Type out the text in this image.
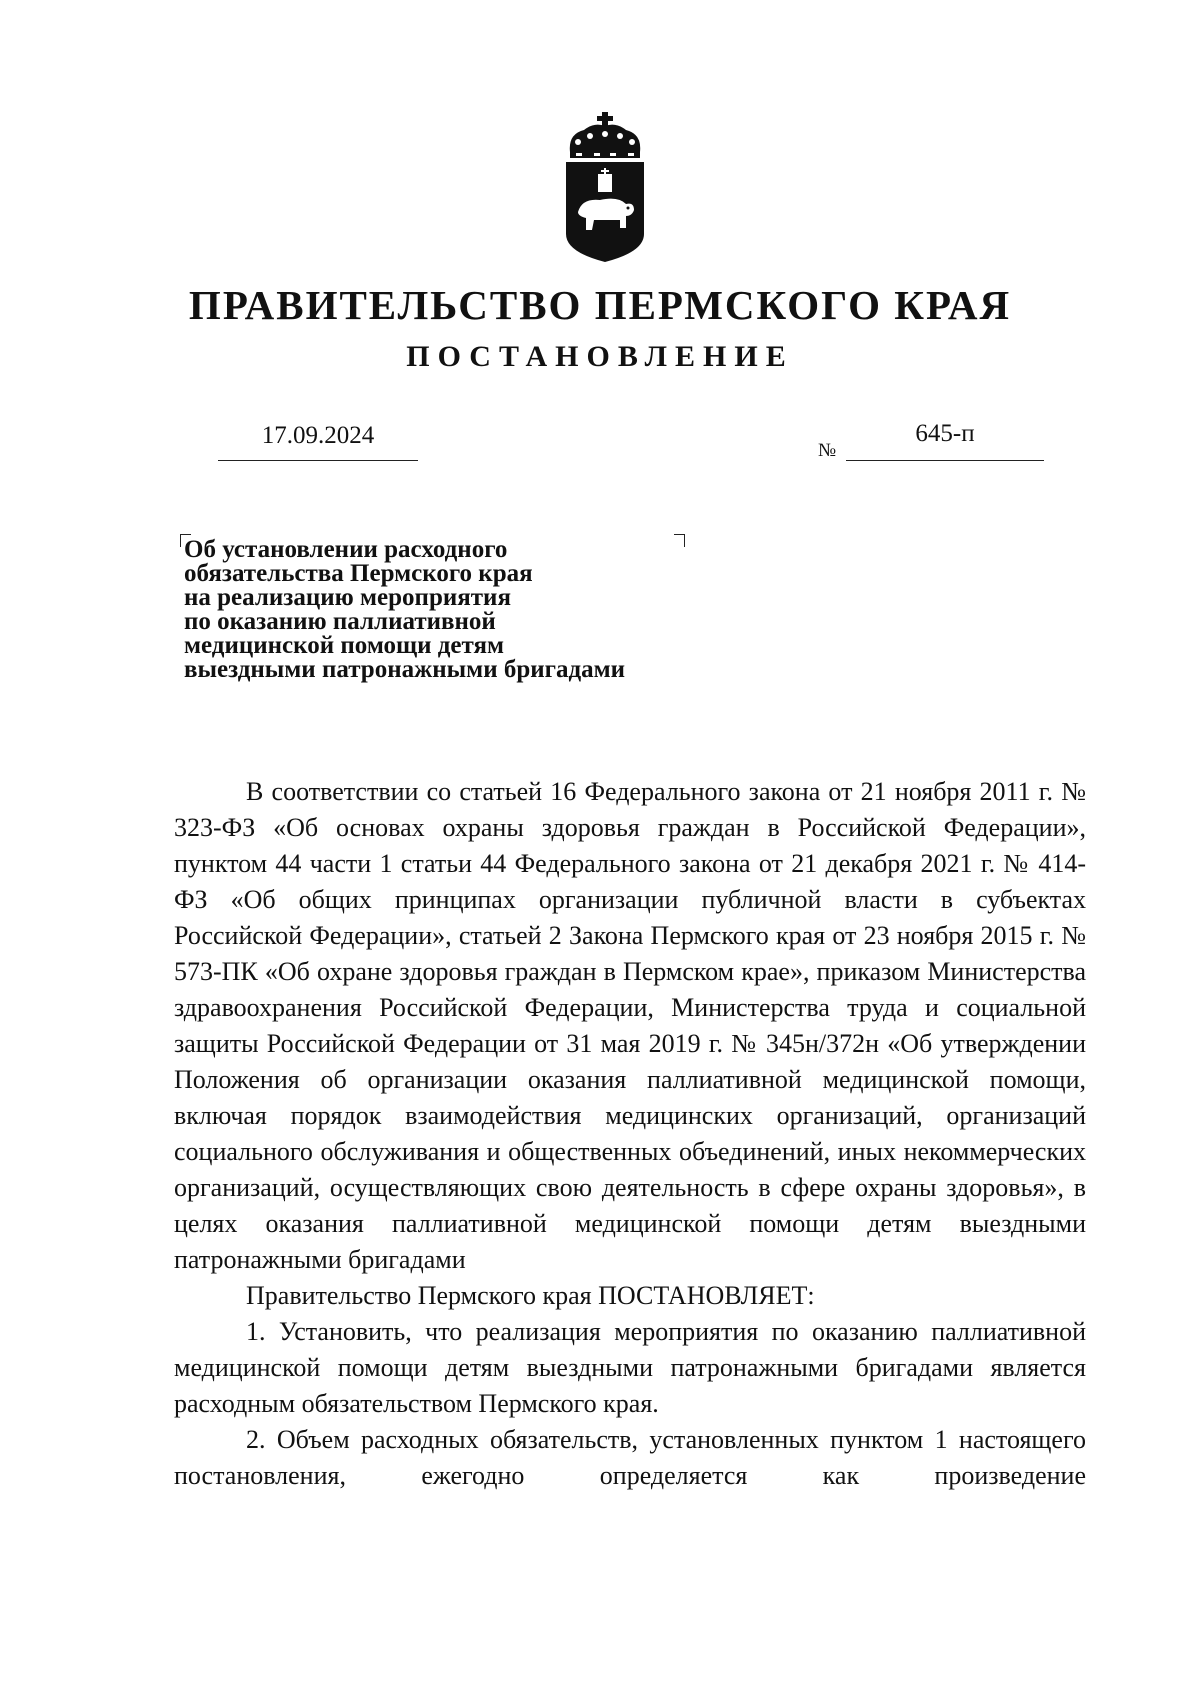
ПРАВИТЕЛЬСТВО ПЕРМСКОГО КРАЯ
ПОСТАНОВЛЕНИЕ
17.09.2024
№
645-п
Об установлении расходного
обязательства Пермского края
на реализацию мероприятия
по оказанию паллиативной
медицинской помощи детям
выездными патронажными бригадами

В соответствии со статьей 16 Федерального закона от 21 ноября 2011 г. № 323-ФЗ «Об основах охраны здоровья граждан в Российской Федерации», пунктом 44 части 1 статьи 44 Федерального закона от 21 декабря 2021 г. № 414-ФЗ «Об общих принципах организации публичной власти в субъектах Российской Федерации», статьей 2 Закона Пермского края от 23 ноября 2015 г. № 573-ПК «Об охране здоровья граждан в Пермском крае», приказом Министерства здравоохранения Российской Федерации, Министерства труда и социальной защиты Российской Федерации от 31 мая 2019 г. № 345н/372н «Об утверждении Положения об организации оказания паллиативной медицинской помощи, включая порядок взаимодействия медицинских организаций, организаций социального обслуживания и общественных объединений, иных некоммерческих организаций, осуществляющих свою деятельность в сфере охраны здоровья», в целях оказания паллиативной медицинской помощи детям выездными патронажными бригадами

Правительство Пермского края ПОСТАНОВЛЯЕТ:

1. Установить, что реализация мероприятия по оказанию паллиативной медицинской помощи детям выездными патронажными бригадами является расходным обязательством Пермского края.

2. Объем расходных обязательств, установленных пунктом 1 настоящего постановления, ежегодно определяется как произведение
